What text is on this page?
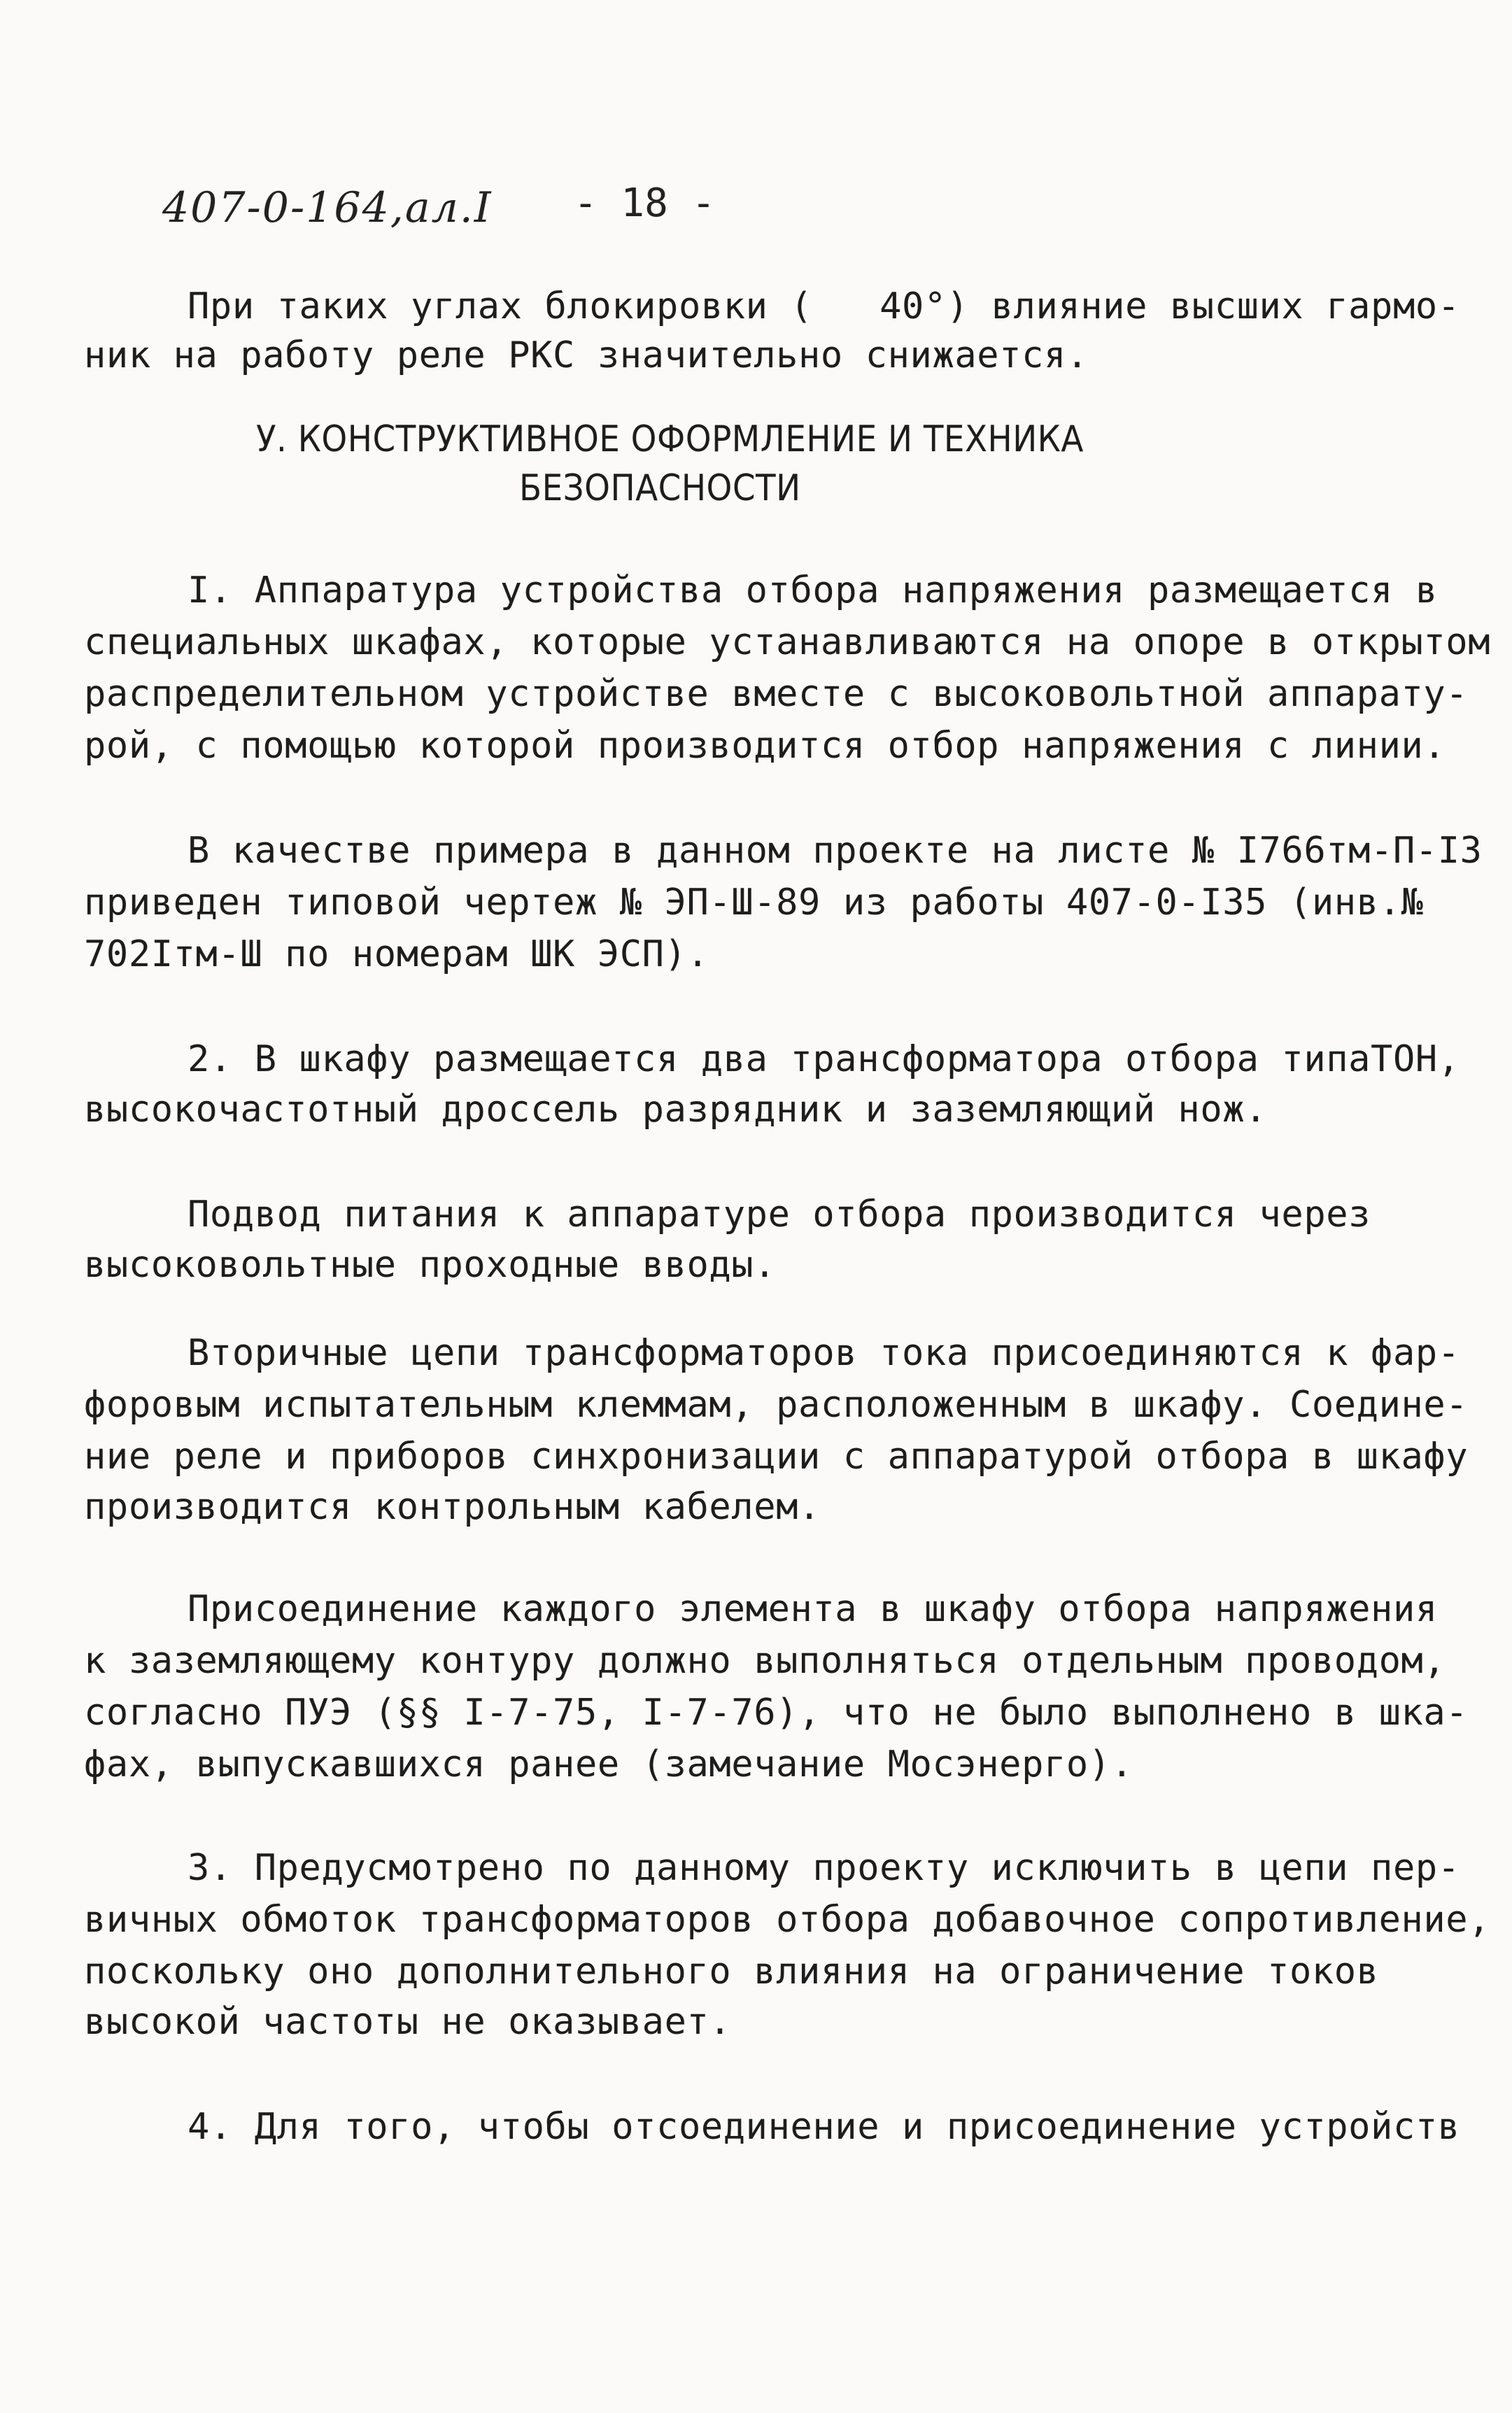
407-0-164,ал.I - 18 -
При таких углах блокировки (   40°) влияние высших гармо-
ник на работу реле РКС значительно снижается.
У. КОНСТРУКТИВНОЕ ОФОРМЛЕНИЕ И ТЕХНИКА
БЕЗОПАСНОСТИ
I. Аппаратура устройства отбора напряжения размещается в
специальных шкафах, которые устанавливаются на опоре в открытом
распределительном устройстве вместе с высоковольтной аппарату-
рой, с помощью которой производится отбор напряжения с линии.
В качестве примера в данном проекте на листе № I766тм-П-I3
приведен типовой чертеж № ЭП-Ш-89 из работы 407-0-I35 (инв.№
702Iтм-Ш по номерам ШК ЭСП).
2. В шкафу размещается два трансформатора отбора типаТОН,
высокочастотный дроссель разрядник и заземляющий нож.
Подвод питания к аппаратуре отбора производится через
высоковольтные проходные вводы.
Вторичные цепи трансформаторов тока присоединяются к фар-
форовым испытательным клеммам, расположенным в шкафу. Соедине-
ние реле и приборов синхронизации с аппаратурой отбора в шкафу
производится контрольным кабелем.
Присоединение каждого элемента в шкафу отбора напряжения
к заземляющему контуру должно выполняться отдельным проводом,
согласно ПУЭ (§§ I-7-75, I-7-76), что не было выполнено в шка-
фах, выпускавшихся ранее (замечание Мосэнерго).
3. Предусмотрено по данному проекту исключить в цепи пер-
вичных обмоток трансформаторов отбора добавочное сопротивление,
поскольку оно дополнительного влияния на ограничение токов
высокой частоты не оказывает.
4. Для того, чтобы отсоединение и присоединение устройств
